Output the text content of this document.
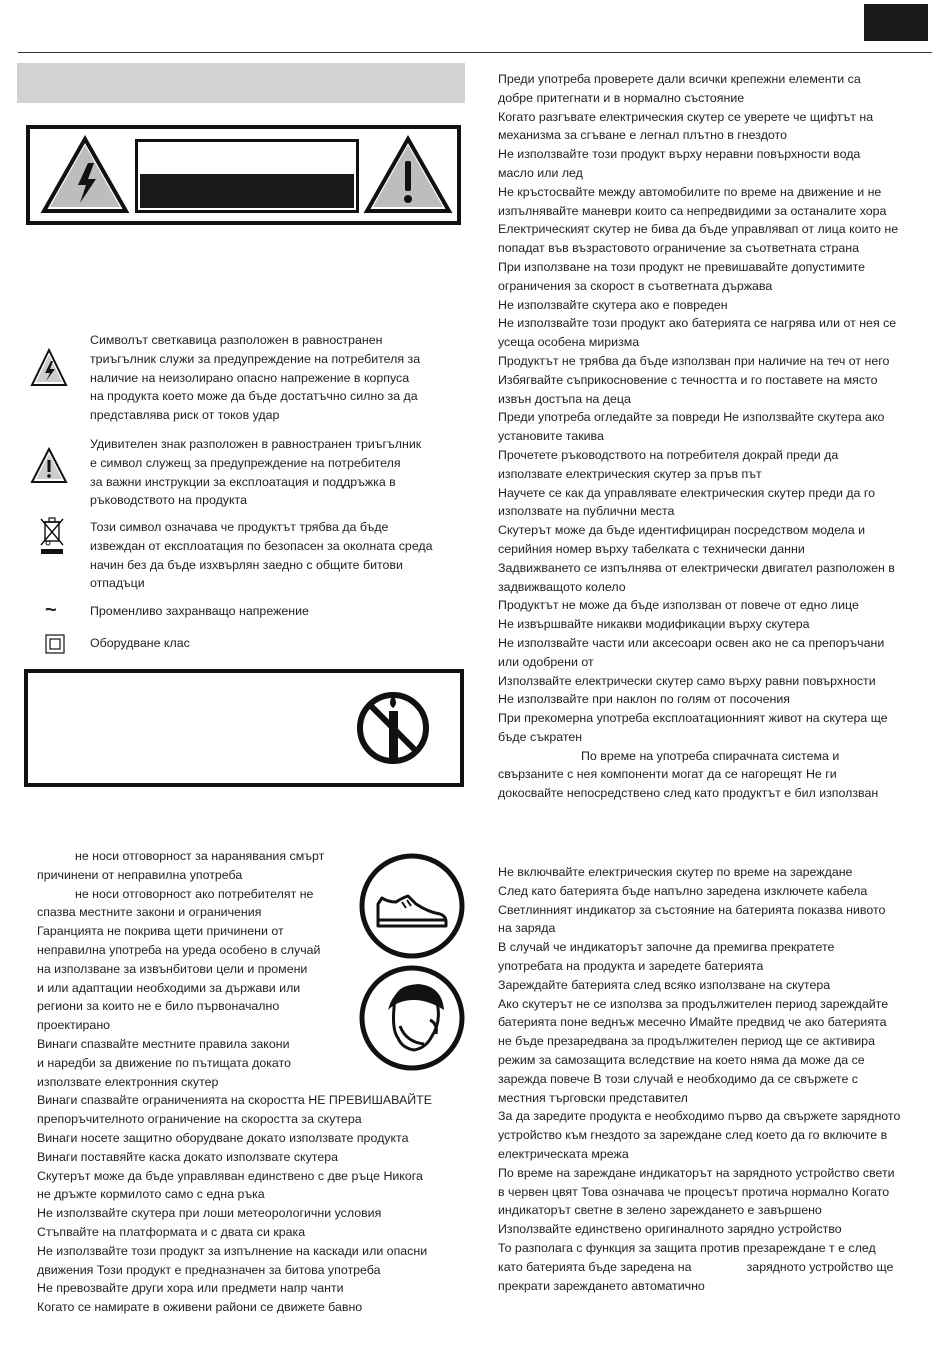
Символът светкавица разположен в равностранен
триъгълник служи за предупреждение на потребителя за
наличие на неизолирано опасно напрежение в корпуса
на продукта което може да бъде достатъчно силно за да
представлява риск от токов удар
Удивителен знак разположен в равностранен триъгълник
е символ служещ за предупреждение на потребителя
за важни инструкции за експлоатация и поддръжка в
ръководството на продукта
Този символ означава че продуктът трябва да бъде
извеждан от експлоатация по безопасен за околната среда
начин без да бъде изхвърлян заедно с общите битови
отпадъци
~	Променливо захранващо напрежение
Оборудване клас
Преди употреба проверете дали всички крепежни елементи са
добре притегнати и в нормално състояние
Когато разгъвате електрическия скутер се уверете че щифтът на
механизма за сгъване е легнал плътно в гнездото
Не използвайте този продукт върху неравни повърхности вода
масло или лед
Не кръстосвайте между автомобилите по време на движение и не
изпълнявайте маневри които са непредвидими за останалите хора
Електрическият скутер не бива да бъде управлявап от лица които не
попадат във възрастовото ограничение за съответната страна
При използване на този продукт не превишавайте допустимите
ограничения за скорост в съответната държава
Не използвайте скутера ако е повреден
Не използвайте този продукт ако батерията се нагрява или от нея се
усеща особена миризма
Продуктът не трябва да бъде използван при наличие на теч от него
Избягвайте съприкосновение с течността и го поставете на място
извън достъпа на деца
Преди употреба огледайте за повреди Не използвайте скутера ако
установите такива
Прочетете ръководството на потребителя докрай преди да
използвате електрическия скутер за пръв път
Научете се как да управлявате електрическия скутер преди да го
използвате на публични места
Скутерът може да бъде идентифициран посредством модела и
серийния номер върху табелката с технически данни
Задвижването се изпълнява от електрически двигател разположен в
задвижващото колело
Продуктът не може да бъде използван от повече от едно лице
Не извършвайте никакви модификации върху скутера
Не използвайте части или аксесоари освен ако не са препоръчани
или одобрени от
Използвайте електрически скутер само върху равни повърхности
Не използвайте при наклон по голям от посочения
При прекомерна употреба експлоатационният живот на скутера ще
бъде съкратен
По време на употреба спирачната система и
свързаните с нея компоненти могат да се нагорещят Не ги
докосвайте непосредствено след като продуктът е бил използван
не носи отговорност за наранявания смърт
причинени от неправилна употреба
не носи отговорност ако потребителят не
спазва местните закони и ограничения
Гаранцията не покрива щети причинени от
неправилна употреба на уреда особено в случай
на използване за извънбитови цели и промени
и или адаптации необходими за държави или
региони за които не е било първоначално
проектирано
Винаги спазвайте местните правила закони
и наредби за движение по пътищата докато
използвате електронния скутер
Винаги спазвайте ограниченията на скоростта НЕ ПРЕВИШАВАЙТЕ
препоръчителното ограничение на скоростта за скутера
Винаги носете защитно оборудване докато използвате продукта
Винаги поставяйте каска докато използвате скутера
Скутерът може да бъде управляван единствено с две ръце Никога
не дръжте кормилото само с една ръка
Не използвайте скутера при лоши метеорологични условия
Стъпвайте на платформата и с двата си крака
Не използвайте този продукт за изпълнение на каскади или опасни
движения Този продукт е предназначен за битова употреба
Не превозвайте други хора или предмети напр чанти
Когато се намирате в оживени райони се движете бавно
Не включвайте електрическия скутер по време на зареждане
След като батерията бъде напълно заредена изключете кабела
Светлинният индикатор за състояние на батерията показва нивото
на заряда
В случай че индикаторът започне да премигва прекратете
употребата на продукта и заредете батерията
Зареждайте батерията след всяко използване на скутера
Ако скутерът не се използва за продължителен период зареждайте
батерията поне веднъж месечно Имайте предвид че ако батерията
не бъде презаредвана за продължителен период ще се активира
режим за самозащита вследствие на което няма да може да се
зарежда повече В този случай е необходимо да се свържете с
местния търговски представител
За да заредите продукта е необходимо първо да свържете зарядното
устройство към гнездото за зареждане след което да го включите в
електрическата мрежа
По време на зареждане индикаторът на зарядното устройство свети
в червен цвят Това означава че процесът протича нормално Когато
индикаторът светне в зелено зареждането е завършено
Използвайте единствено оригиналното зарядно устройство
То разполага с функция за защита против презареждане т е след
като батерията бъде заредена на                зарядното устройство ще
прекрати зареждането автоматично
